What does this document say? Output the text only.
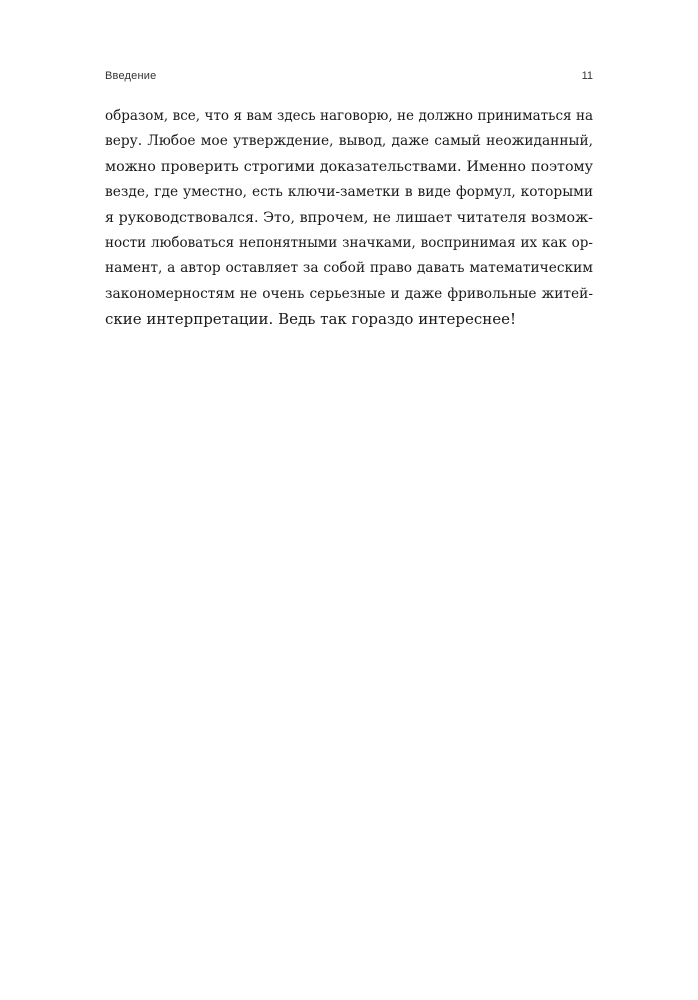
Введение	11
образом, все, что я вам здесь наговорю, не должно приниматься на
веру. Любое мое утверждение, вывод, даже самый неожиданный,
можно проверить строгими доказательствами. Именно поэтому
везде, где уместно, есть ключи-заметки в виде формул, которыми
я руководствовался. Это, впрочем, не лишает читателя возмож-
ности любоваться непонятными значками, воспринимая их как ор-
намент, а автор оставляет за собой право давать математическим
закономерностям не очень серьезные и даже фривольные житей-
ские интерпретации. Ведь так гораздо интереснее!
